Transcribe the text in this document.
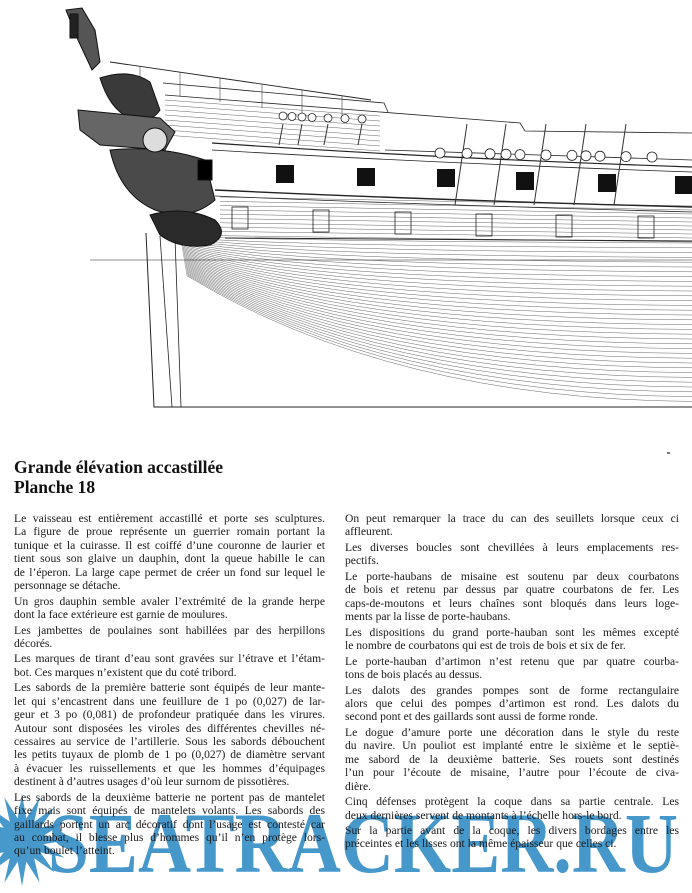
Grande élévation accastillée
Planche 18
Le vaisseau est entièrement accastillé et porte ses sculptures.
La figure de proue représente un guerrier romain portant la
tunique et la cuirasse. Il est coiffé d’une couronne de laurier et
tient sous son glaive un dauphin, dont la queue habille le can
de l’éperon. La large cape permet de créer un fond sur lequel le
personnage se détache.
Un gros dauphin semble avaler l’extrémité de la grande herpe
dont la face extérieure est garnie de moulures.
Les jambettes de poulaines sont habillées par des herpillons
décorés.
Les marques de tirant d’eau sont gravées sur l’étrave et l’étam-
bot. Ces marques n’existent que du coté tribord.
Les sabords de la première batterie sont équipés de leur mante-
let qui s’encastrent dans une feuillure de 1 po (0,027) de lar-
geur et 3 po (0,081) de profondeur pratiquée dans les virures.
Autour sont disposées les viroles des différentes chevilles né-
cessaires au service de l’artillerie. Sous les sabords débouchent
les petits tuyaux de plomb de 1 po (0,027) de diamètre servant
à évacuer les ruissellements et que les hommes d’équipages
destinent à d’autres usages d’où leur surnom de pissotières.
Les sabords de la deuxième batterie ne portent pas de mantelet
fixe mais sont équipés de mantelets volants. Les sabords des
gaillards portent un arc décoratif dont l’usage est contesté car
au combat, il blesse plus d’hommes qu’il n’en protège lors-
qu’un boulet l’atteint.
On peut remarquer la trace du can des seuillets lorsque ceux ci
affleurent.
Les diverses boucles sont chevillées à leurs emplacements res-
pectifs.
Le porte-haubans de misaine est soutenu par deux courbatons
de bois et retenu par dessus par quatre courbatons de fer. Les
caps-de-moutons et leurs chaînes sont bloqués dans leurs loge-
ments par la lisse de porte-haubans.
Les dispositions du grand porte-hauban sont les mêmes excepté
le nombre de courbatons qui est de trois de bois et six de fer.
Le porte-hauban d’artimon n’est retenu que par quatre courba-
tons de bois placés au dessus.
Les dalots des grandes pompes sont de forme rectangulaire
alors que celui des pompes d’artimon est rond. Les dalots du
second pont et des gaillards sont aussi de forme ronde.
Le dogue d’amure porte une décoration dans le style du reste
du navire. Un pouliot est implanté entre le sixième et le septiè-
me sabord de la deuxième batterie. Ses rouets sont destinés
l’un pour l’écoute de misaine, l’autre pour l’écoute de civa-
dière.
Cinq défenses protègent la coque dans sa partie centrale. Les
deux dernières servent de montants à l’échelle hors-le bord.
Sur la partie avant de la coque, les divers bordages entre les
préceintes et les lisses ont la même épaisseur que celles ci.
SEATRACKER.RU
